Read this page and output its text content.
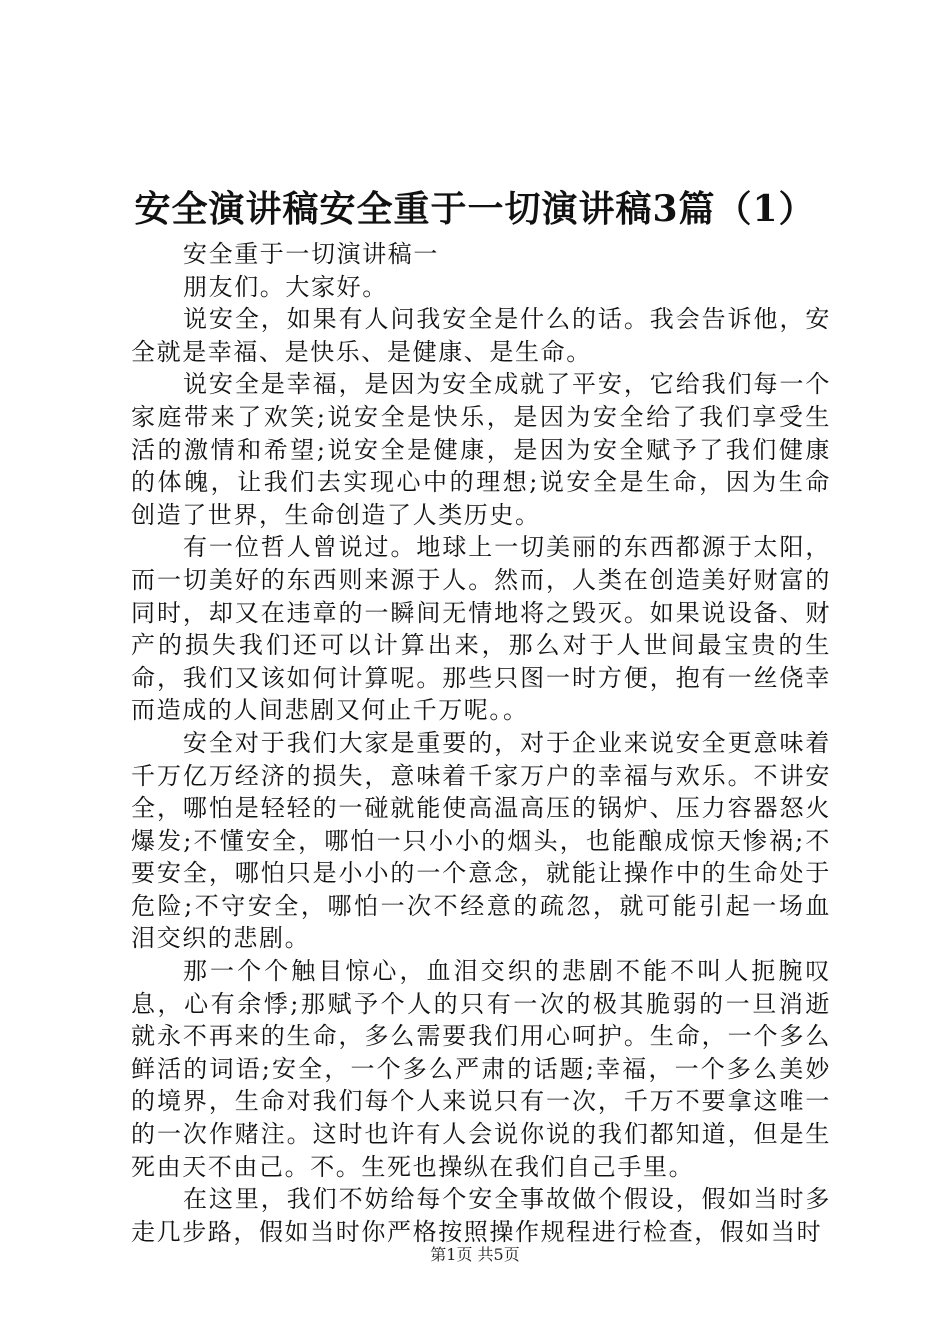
安全演讲稿安全重于一切演讲稿3篇（1）

安全重于一切演讲稿一

朋友们。大家好。

说安全，如果有人问我安全是什么的话。我会告诉他，安全就是幸福、是快乐、是健康、是生命。

说安全是幸福，是因为安全成就了平安，它给我们每一个家庭带来了欢笑;说安全是快乐，是因为安全给了我们享受生活的激情和希望;说安全是健康，是因为安全赋予了我们健康的体魄，让我们去实现心中的理想;说安全是生命，因为生命创造了世界，生命创造了人类历史。

有一位哲人曾说过。地球上一切美丽的东西都源于太阳，而一切美好的东西则来源于人。然而，人类在创造美好财富的同时，却又在违章的一瞬间无情地将之毁灭。如果说设备、财产的损失我们还可以计算出来，那么对于人世间最宝贵的生命，我们又该如何计算呢。那些只图一时方便，抱有一丝侥幸而造成的人间悲剧又何止千万呢。。

安全对于我们大家是重要的，对于企业来说安全更意味着千万亿万经济的损失，意味着千家万户的幸福与欢乐。不讲安全，哪怕是轻轻的一碰就能使高温高压的锅炉、压力容器怒火爆发;不懂安全，哪怕一只小小的烟头，也能酿成惊天惨祸;不要安全，哪怕只是小小的一个意念，就能让操作中的生命处于危险;不守安全，哪怕一次不经意的疏忽，就可能引起一场血泪交织的悲剧。

那一个个触目惊心，血泪交织的悲剧不能不叫人扼腕叹息，心有余悸;那赋予个人的只有一次的极其脆弱的一旦消逝就永不再来的生命，多么需要我们用心呵护。生命，一个多么鲜活的词语;安全，一个多么严肃的话题;幸福，一个多么美妙的境界，生命对我们每个人来说只有一次，千万不要拿这唯一的一次作赌注。这时也许有人会说你说的我们都知道，但是生死由天不由己。不。生死也操纵在我们自己手里。

在这里，我们不妨给每个安全事故做个假设，假如当时多走几步路，假如当时你严格按照操作规程进行检查，假如当时

第1页 共5页
